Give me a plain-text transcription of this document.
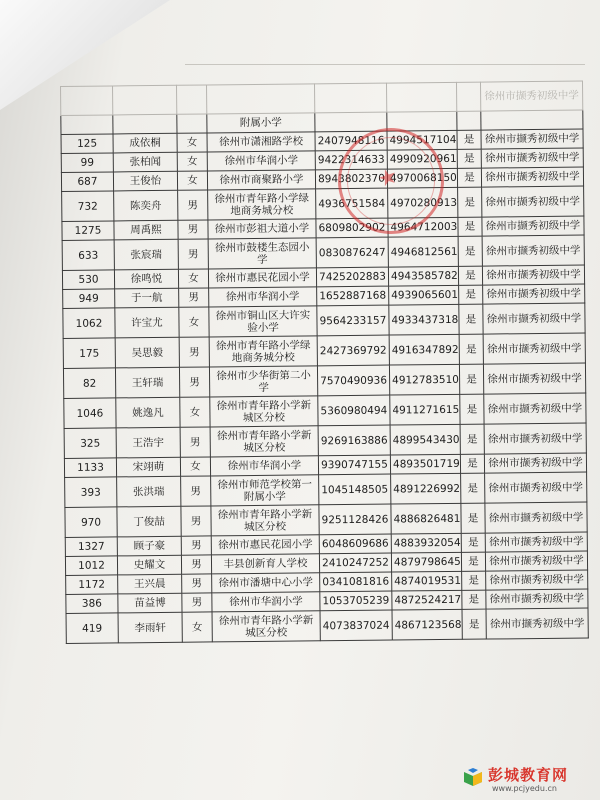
							徐州市撷秀初级中学
			附属小学				
125	成依桐	女	徐州市潇湘路学校	2407948116	4994517104	是	徐州市撷秀初级中学
99	张柏闻	女	徐州市华润小学	9422314633	4990920961	是	徐州市撷秀初级中学
687	王俊怡	女	徐州市商聚路小学	8943802370	4970068150	是	徐州市撷秀初级中学
732	陈奕舟	男	徐州市青年路小学绿地商务城分校	4936751584	4970280913	是	徐州市撷秀初级中学
1275	周禹熙	男	徐州市彭祖大道小学	6809802902	4964712003	是	徐州市撷秀初级中学
633	张宸瑞	男	徐州市鼓楼生态园小学	0830876247	4946812561	是	徐州市撷秀初级中学
530	徐鸣悦	女	徐州市惠民花园小学	7425202883	4943585782	是	徐州市撷秀初级中学
949	于一航	男	徐州市华润小学	1652887168	4939065601	是	徐州市撷秀初级中学
1062	许宝尤	女	徐州市铜山区大许实验小学	9564233157	4933437318	是	徐州市撷秀初级中学
175	吴思毅	男	徐州市青年路小学绿地商务城分校	2427369792	4916347892	是	徐州市撷秀初级中学
82	王轩瑞	男	徐州市少华街第二小学	7570490936	4912783510	是	徐州市撷秀初级中学
1046	姚逸凡	女	徐州市青年路小学新城区分校	5360980494	4911271615	是	徐州市撷秀初级中学
325	王浩宇	男	徐州市青年路小学新城区分校	9269163886	4899543430	是	徐州市撷秀初级中学
1133	宋翊萌	女	徐州市华润小学	9390747155	4893501719	是	徐州市撷秀初级中学
393	张洪瑞	男	徐州市师范学校第一附属小学	1045148505	4891226992	是	徐州市撷秀初级中学
970	丁俊喆	男	徐州市青年路小学新城区分校	9251128426	4886826481	是	徐州市撷秀初级中学
1327	顾子豪	男	徐州市惠民花园小学	6048609686	4883932054	是	徐州市撷秀初级中学
1012	史耀文	男	丰县创新育人学校	2410247252	4879798645	是	徐州市撷秀初级中学
1172	王兴晨	男	徐州市潘塘中心小学	0341081816	4874019531	是	徐州市撷秀初级中学
386	苗益博	男	徐州市华润小学	1053705239	4872524217	是	徐州市撷秀初级中学
419	李雨轩	女	徐州市青年路小学新城区分校	4073837024	4867123568	是	徐州市撷秀初级中学
★
彭城教育网
www.pcjyedu.cn
